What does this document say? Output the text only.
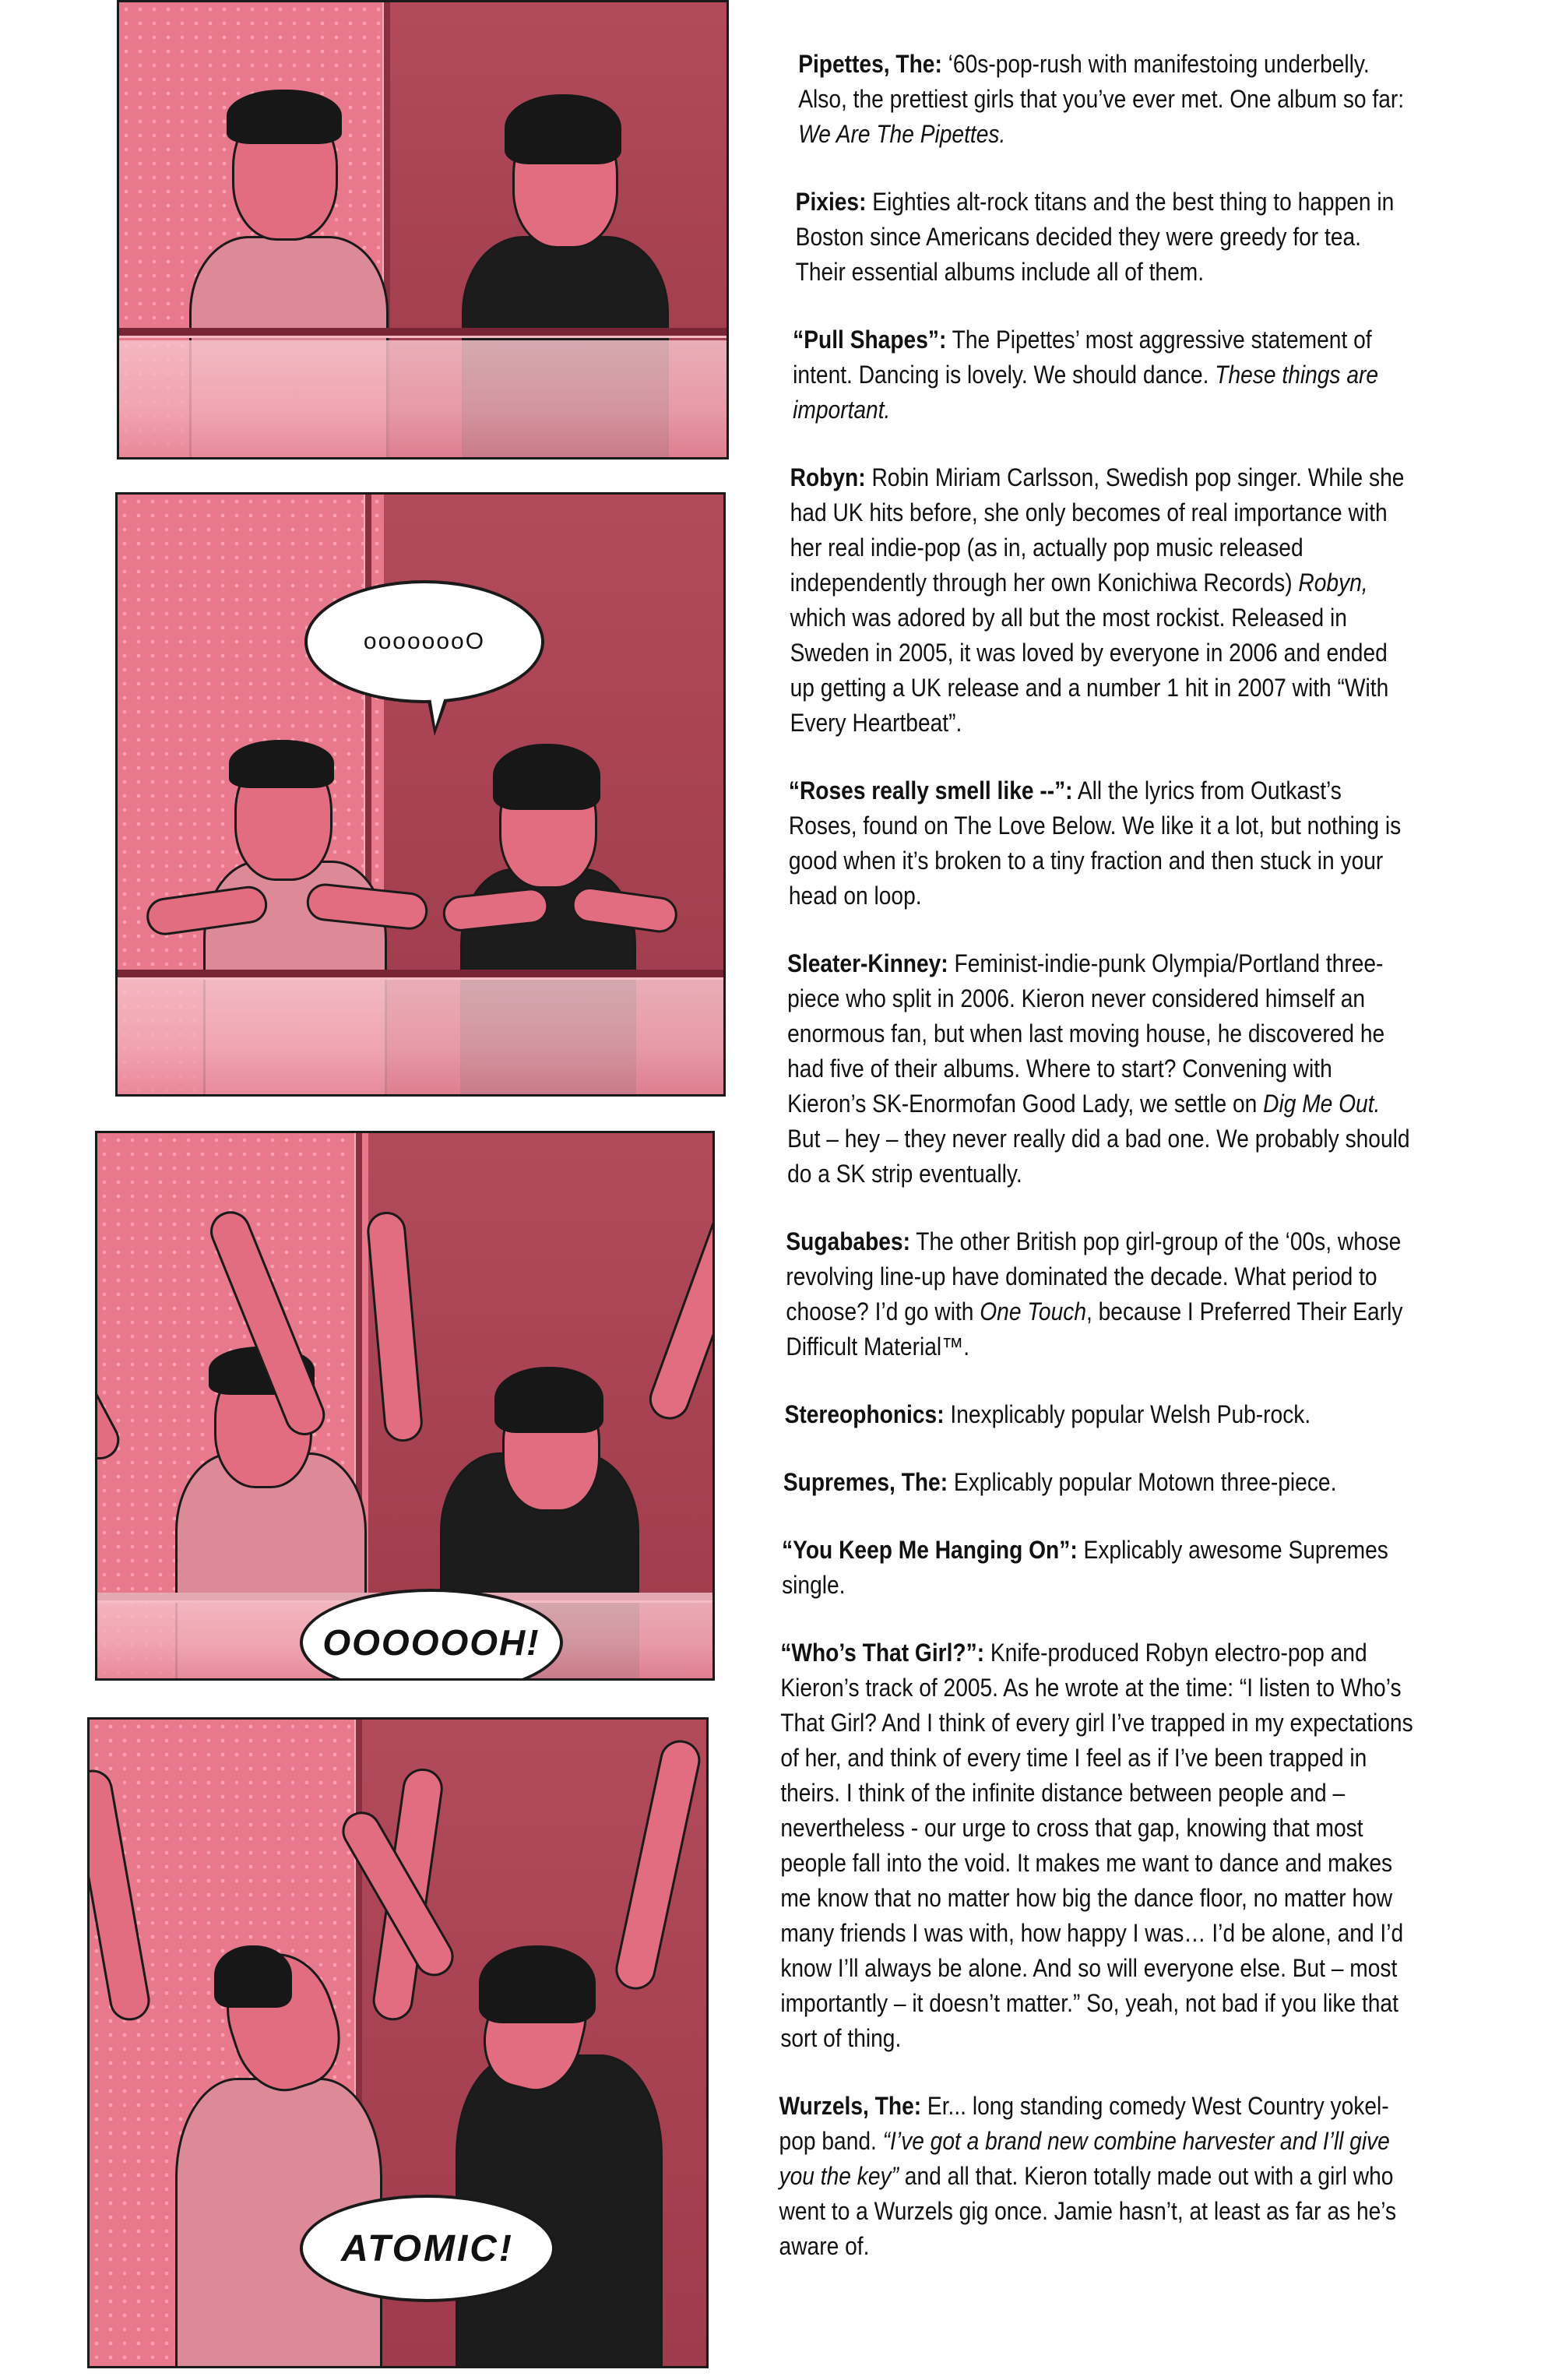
oooooooO
OOOOOOH!
ATOMIC!
Pipettes, The: ‘60s-pop-rush with manifestoing underbelly. Also, the prettiest girls that you’ve ever met. One album so far: We Are The Pipettes.
Pixies: Eighties alt-rock titans and the best thing to happen in Boston since Americans decided they were greedy for tea. Their essential albums include all of them.
“Pull Shapes”: The Pipettes’ most aggressive statement of intent. Dancing is lovely. We should dance. These things are important.
Robyn: Robin Miriam Carlsson, Swedish pop singer. While she had UK hits before, she only becomes of real importance with her real indie-pop (as in, actually pop music released independently through her own Konichiwa Records) Robyn, which was adored by all but the most rockist. Released in Sweden in 2005, it was loved by everyone in 2006 and ended up getting a UK release and a number 1 hit in 2007 with “With Every Heartbeat”.
“Roses really smell like --”: All the lyrics from Outkast’s Roses, found on The Love Below. We like it a lot, but nothing is good when it’s broken to a tiny fraction and then stuck in your head on loop.
Sleater-Kinney: Feminist-indie-punk Olympia/Portland three-piece who split in 2006. Kieron never considered himself an enormous fan, but when last moving house, he discovered he had five of their albums. Where to start? Convening with Kieron’s SK-Enormofan Good Lady, we settle on Dig Me Out. But – hey – they never really did a bad one. We probably should do a SK strip eventually.
Sugababes: The other British pop girl-group of the ‘00s, whose revolving line-up have dominated the decade. What period to choose? I’d go with One Touch, because I Preferred Their Early Difficult Material™.
Stereophonics: Inexplicably popular Welsh Pub-rock.
Supremes, The: Explicably popular Motown three-piece.
“You Keep Me Hanging On”: Explicably awesome Supremes single.
“Who’s That Girl?”: Knife-produced Robyn electro-pop and Kieron’s track of 2005. As he wrote at the time: “I listen to Who’s That Girl? And I think of every girl I’ve trapped in my expectations of her, and think of every time I feel as if I’ve been trapped in theirs. I think of the infinite distance between people and – nevertheless - our urge to cross that gap, knowing that most people fall into the void. It makes me want to dance and makes me know that no matter how big the dance floor, no matter how many friends I was with, how happy I was… I’d be alone, and I’d know I’ll always be alone. And so will everyone else. But – most importantly – it doesn’t matter.” So, yeah, not bad if you like that sort of thing.
Wurzels, The: Er... long standing comedy West Country yokel-pop band. “I’ve got a brand new combine harvester and I’ll give you the key” and all that. Kieron totally made out with a girl who went to a Wurzels gig once. Jamie hasn’t, at least as far as he’s aware of.
